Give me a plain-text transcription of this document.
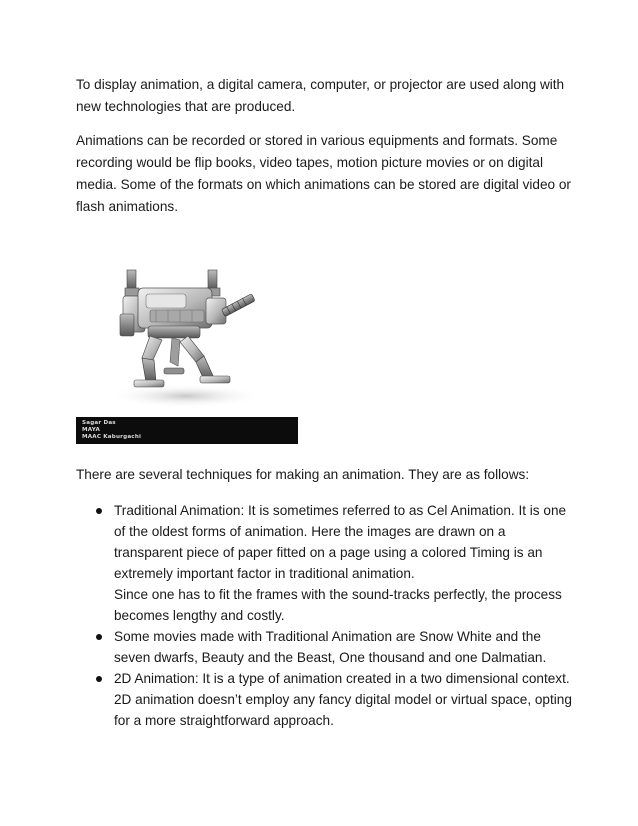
To display animation, a digital camera, computer, or projector are used along with new technologies that are produced.

Animations can be recorded or stored in various equipments and formats. Some recording would be flip books, video tapes, motion picture movies or on digital media. Some of the formats on which animations can be stored are digital video or flash animations.

Sagar Das
MAYA
MAAC Kaburgachi

There are several techniques for making an animation. They are as follows:

Traditional Animation: It is sometimes referred to as Cel Animation. It is one of the oldest forms of animation. Here the images are drawn on a transparent piece of paper fitted on a page using a colored Timing is an extremely important factor in traditional animation.
Since one has to fit the frames with the sound-tracks perfectly, the process becomes lengthy and costly.
Some movies made with Traditional Animation are Snow White and the seven dwarfs, Beauty and the Beast, One thousand and one Dalmatian.
2D Animation: It is a type of animation created in a two dimensional context. 2D animation doesn’t employ any fancy digital model or virtual space, opting for a more straightforward approach.
